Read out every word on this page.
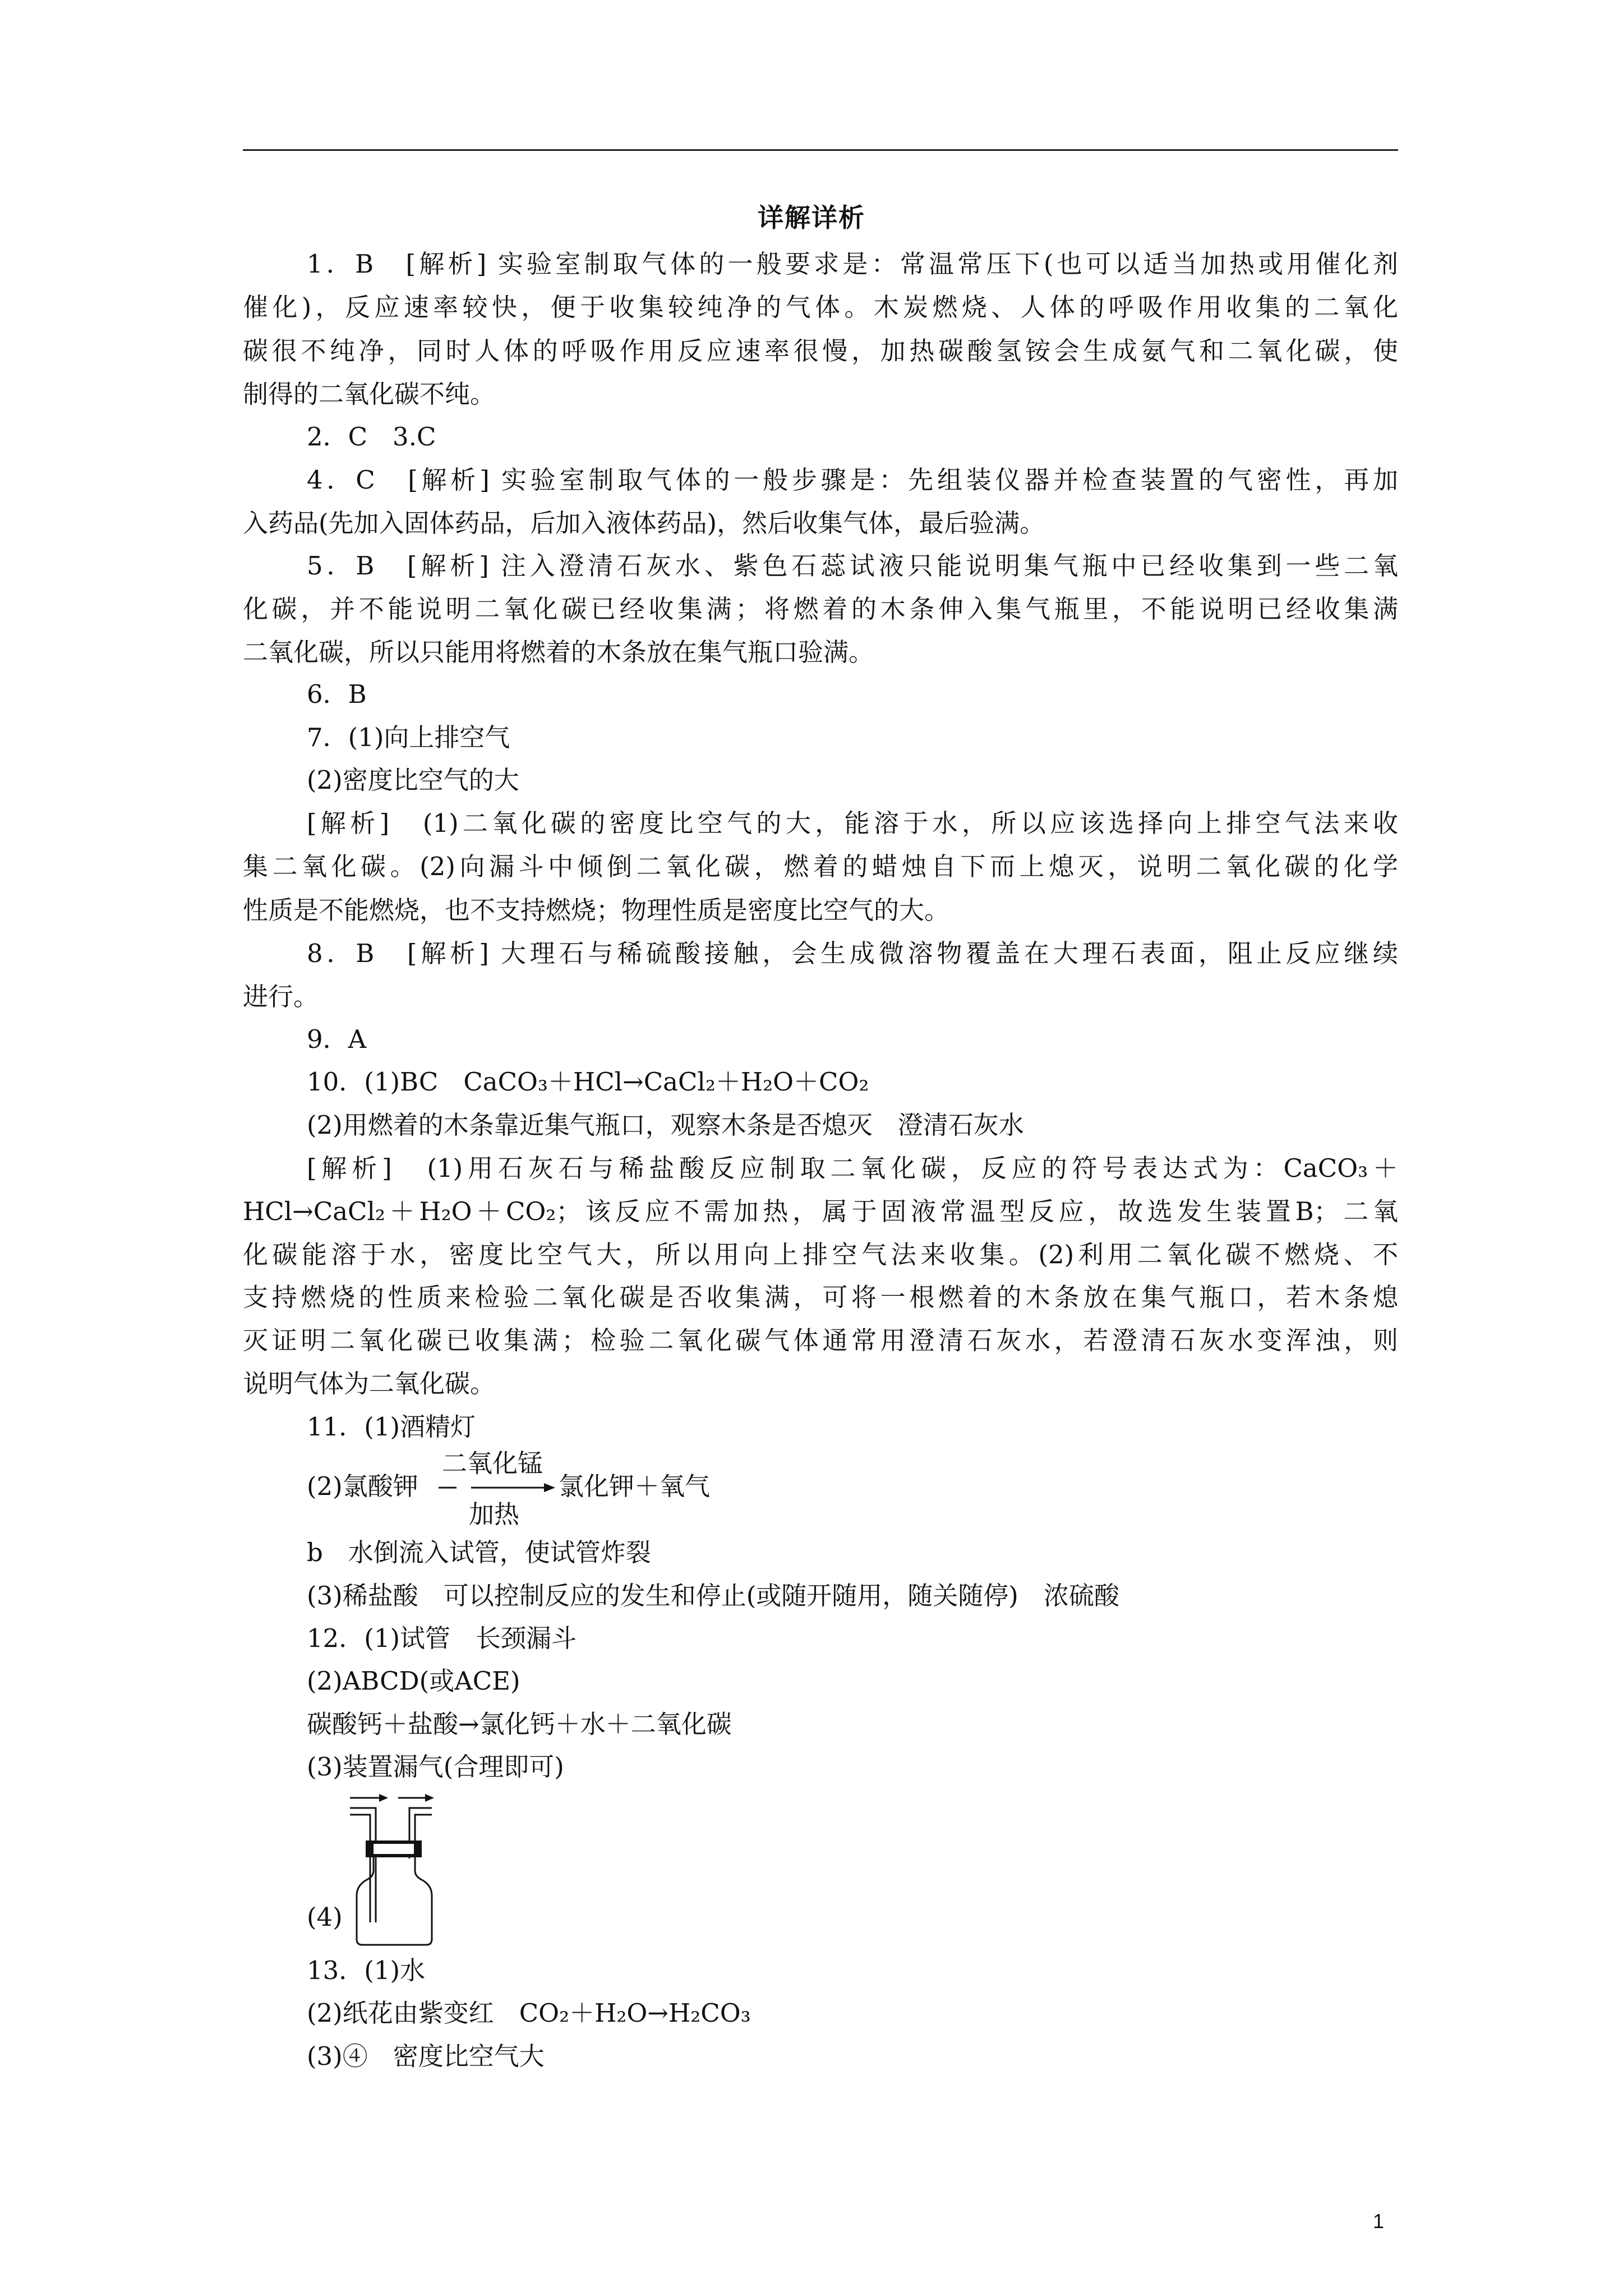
详解详析
1．B　[解析] 实验室制取气体的一般要求是：常温常压下(也可以适当加热或用催化剂
催化)，反应速率较快，便于收集较纯净的气体。木炭燃烧、人体的呼吸作用收集的二氧化
碳很不纯净，同时人体的呼吸作用反应速率很慢，加热碳酸氢铵会生成氨气和二氧化碳，使
制得的二氧化碳不纯。
2．C　3.C
4．C　[解析] 实验室制取气体的一般步骤是：先组装仪器并检查装置的气密性，再加
入药品(先加入固体药品，后加入液体药品)，然后收集气体，最后验满。
5．B　[解析] 注入澄清石灰水、紫色石蕊试液只能说明集气瓶中已经收集到一些二氧
化碳，并不能说明二氧化碳已经收集满；将燃着的木条伸入集气瓶里，不能说明已经收集满
二氧化碳，所以只能用将燃着的木条放在集气瓶口验满。
6．B
7．(1)向上排空气
(2)密度比空气的大
[解析]　(1)二氧化碳的密度比空气的大，能溶于水，所以应该选择向上排空气法来收
集二氧化碳。(2)向漏斗中倾倒二氧化碳，燃着的蜡烛自下而上熄灭，说明二氧化碳的化学
性质是不能燃烧，也不支持燃烧；物理性质是密度比空气的大。
8．B　[解析] 大理石与稀硫酸接触，会生成微溶物覆盖在大理石表面，阻止反应继续
进行。
9．A
10．(1)BC　CaCO₃＋HCl→CaCl₂＋H₂O＋CO₂
(2)用燃着的木条靠近集气瓶口，观察木条是否熄灭　澄清石灰水
[解析]　(1)用石灰石与稀盐酸反应制取二氧化碳，反应的符号表达式为：CaCO₃＋
HCl→CaCl₂＋H₂O＋CO₂；该反应不需加热，属于固液常温型反应，故选发生装置B；二氧
化碳能溶于水，密度比空气大，所以用向上排空气法来收集。(2)利用二氧化碳不燃烧、不
支持燃烧的性质来检验二氧化碳是否收集满，可将一根燃着的木条放在集气瓶口，若木条熄
灭证明二氧化碳已收集满；检验二氧化碳气体通常用澄清石灰水，若澄清石灰水变浑浊，则
说明气体为二氧化碳。
11．(1)酒精灯
(2)氯酸钾
二氧化锰
加热
氯化钾＋氧气
b　水倒流入试管，使试管炸裂
(3)稀盐酸　可以控制反应的发生和停止(或随开随用，随关随停)　浓硫酸
12．(1)试管　长颈漏斗
(2)ABCD(或ACE)
碳酸钙＋盐酸→氯化钙＋水＋二氧化碳
(3)装置漏气(合理即可)
(4)
13．(1)水
(2)纸花由紫变红　CO₂＋H₂O→H₂CO₃
(3)④　密度比空气大
1
